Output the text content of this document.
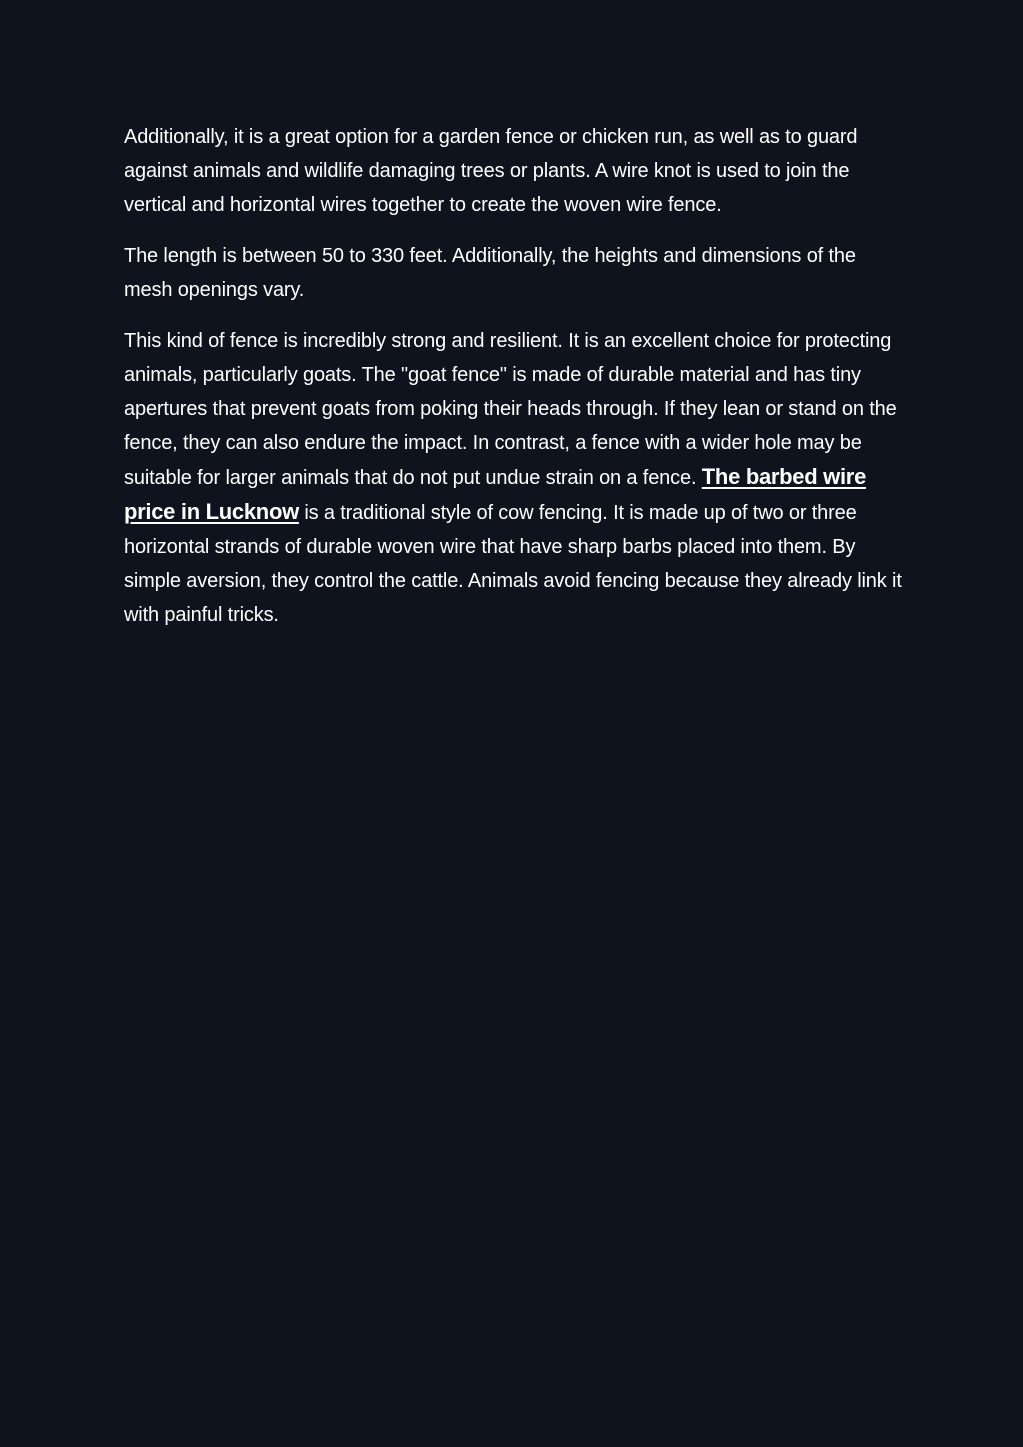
Additionally, it is a great option for a garden fence or chicken run, as well as to guard against animals and wildlife damaging trees or plants. A wire knot is used to join the vertical and horizontal wires together to create the woven wire fence.

The length is between 50 to 330 feet. Additionally, the heights and dimensions of the mesh openings vary.

This kind of fence is incredibly strong and resilient. It is an excellent choice for protecting animals, particularly goats. The "goat fence" is made of durable material and has tiny apertures that prevent goats from poking their heads through. If they lean or stand on the fence, they can also endure the impact. In contrast, a fence with a wider hole may be suitable for larger animals that do not put undue strain on a fence. The barbed wire price in Lucknow is a traditional style of cow fencing. It is made up of two or three horizontal strands of durable woven wire that have sharp barbs placed into them. By simple aversion, they control the cattle. Animals avoid fencing because they already link it with painful tricks.
